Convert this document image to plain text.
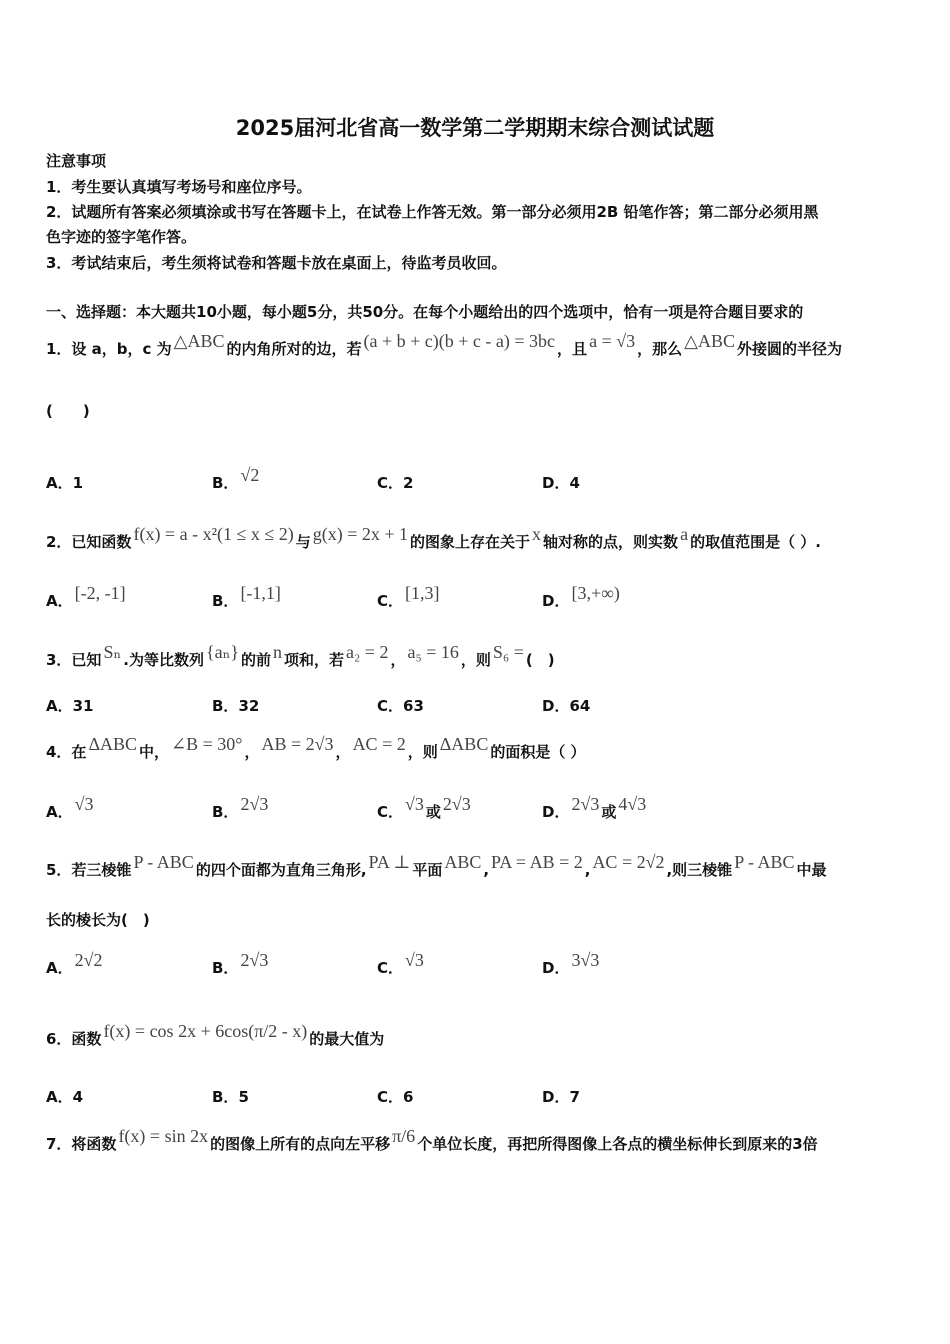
2025届河北省高一数学第二学期期末综合测试试题
注意事项
1．考生要认真填写考场号和座位序号。
2．试题所有答案必须填涂或书写在答题卡上，在试卷上作答无效。第一部分必须用2B 铅笔作答；第二部分必须用黑
色字迹的签字笔作答。
3．考试结束后，考生须将试卷和答题卡放在桌面上，待监考员收回。
一、选择题：本大题共10小题，每小题5分，共50分。在每个小题给出的四个选项中，恰有一项是符合题目要求的
1．设 a，b，c 为 △ABC 的内角所对的边，若 (a + b + c)(b + c - a) = 3bc ，且 a = √3 ，那么 △ABC 外接圆的半径为
(　　)
A．1	B． √2	C．2	D．4
2．已知函数 f(x) = a - x²(1 ≤ x ≤ 2) 与 g(x) = 2x + 1 的图象上存在关于 x 轴对称的点，则实数 a 的取值范围是（ ）.
A． [-2, -1]	B． [-1,1]	C． [1,3]	D． [3,+∞)
3．已知 Sₙ .为等比数列 {aₙ} 的前 n 项和，若 a₂ = 2 ， a₅ = 16 ，则 S₆ = (　)
A．31	B．32	C．63	D．64
4．在 ΔABC 中， ∠B = 30° ， AB = 2√3 ， AC = 2 ，则 ΔABC 的面积是（ ）
A． √3	B． 2√3	C． √3 或 2√3	D． 2√3 或 4√3
5．若三棱锥 P - ABC 的四个面都为直角三角形, PA ⊥ 平面 ABC , PA = AB = 2 , AC = 2√2 ,则三棱锥 P - ABC 中最
长的棱长为(　)
A． 2√2	B． 2√3	C． √3	D． 3√3
6．函数 f(x) = cos 2x + 6cos(π/2 - x) 的最大值为
A．4	B．5	C．6	D．7
7．将函数 f(x) = sin 2x 的图像上所有的点向左平移 π/6 个单位长度，再把所得图像上各点的横坐标伸长到原来的3倍
